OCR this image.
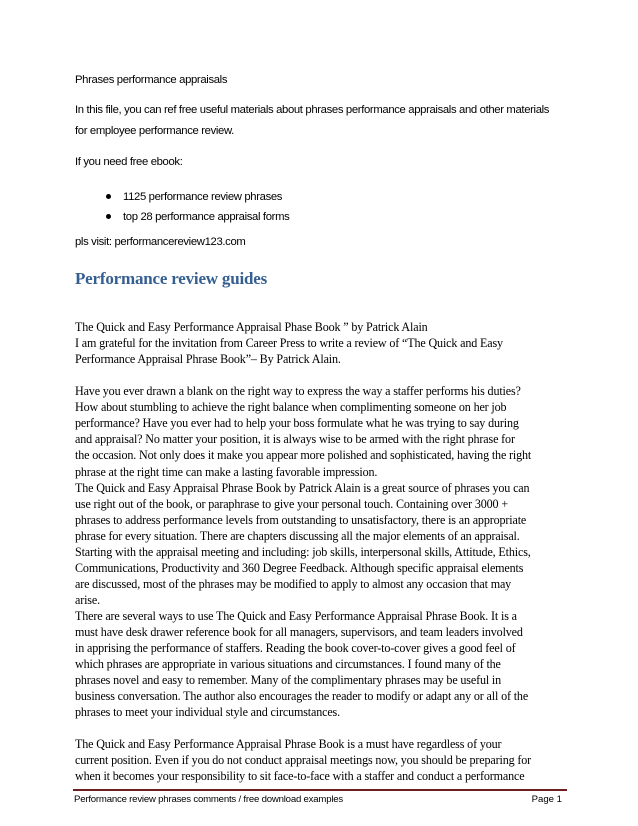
Phrases performance appraisals
In this file, you can ref free useful materials about phrases performance appraisals and other materials
for employee performance review.
If you need free ebook:
1125 performance review phrases
top 28 performance appraisal forms
pls visit: performancereview123.com
Performance review guides
The Quick and Easy Performance Appraisal Phase Book ” by Patrick Alain
I am grateful for the invitation from Career Press to write a review of “The Quick and Easy
Performance Appraisal Phrase Book”– By Patrick Alain.
Have you ever drawn a blank on the right way to express the way a staffer performs his duties?
How about stumbling to achieve the right balance when complimenting someone on her job
performance? Have you ever had to help your boss formulate what he was trying to say during
and appraisal? No matter your position, it is always wise to be armed with the right phrase for
the occasion. Not only does it make you appear more polished and sophisticated, having the right
phrase at the right time can make a lasting favorable impression.
The Quick and Easy Appraisal Phrase Book by Patrick Alain is a great source of phrases you can
use right out of the book, or paraphrase to give your personal touch. Containing over 3000 +
phrases to address performance levels from outstanding to unsatisfactory, there is an appropriate
phrase for every situation. There are chapters discussing all the major elements of an appraisal.
Starting with the appraisal meeting and including: job skills, interpersonal skills, Attitude, Ethics,
Communications, Productivity and 360 Degree Feedback. Although specific appraisal elements
are discussed, most of the phrases may be modified to apply to almost any occasion that may
arise.
There are several ways to use The Quick and Easy Performance Appraisal Phrase Book. It is a
must have desk drawer reference book for all managers, supervisors, and team leaders involved
in apprising the performance of staffers. Reading the book cover-to-cover gives a good feel of
which phrases are appropriate in various situations and circumstances. I found many of the
phrases novel and easy to remember. Many of the complimentary phrases may be useful in
business conversation. The author also encourages the reader to modify or adapt any or all of the
phrases to meet your individual style and circumstances.
The Quick and Easy Performance Appraisal Phrase Book is a must have regardless of your
current position. Even if you do not conduct appraisal meetings now, you should be preparing for
when it becomes your responsibility to sit face-to-face with a staffer and conduct a performance
Performance review phrases comments / free download examples	Page 1
